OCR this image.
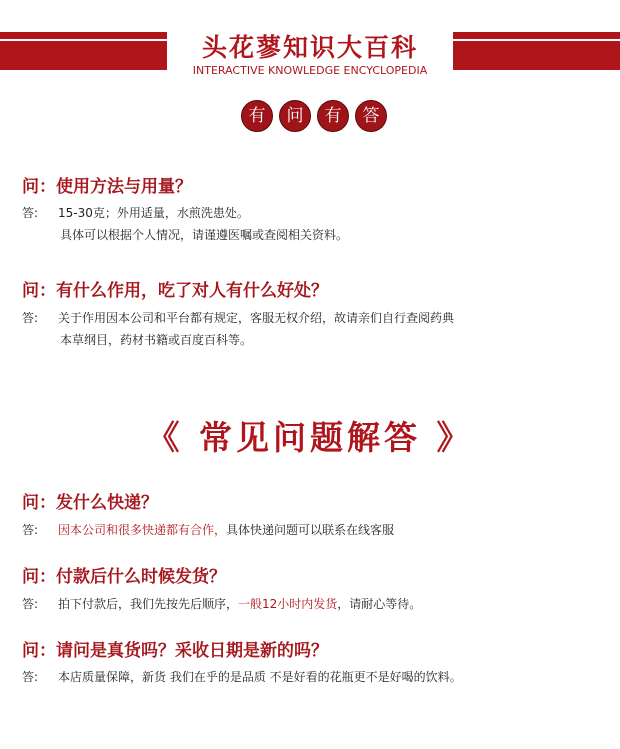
头花蓼知识大百科
INTERACTIVE KNOWLEDGE ENCYCLOPEDIA
有	问	有	答
问：使用方法与用量？
答: 15-30克；外用适量，水煎洗患处。
具体可以根据个人情况，请谨遵医嘱或查阅相关资料。
问：有什么作用，吃了对人有什么好处？
答: 关于作用因本公司和平台都有规定，客服无权介绍，故请亲们自行查阅药典
本草纲目，药材书籍或百度百科等。
《 常见问题解答 》
问：发什么快递？
答: 因本公司和很多快递都有合作，具体快递问题可以联系在线客服
问：付款后什么时候发货？
答: 拍下付款后，我们先按先后顺序，一般12小时内发货，请耐心等待。
问：请问是真货吗？采收日期是新的吗？
答: 本店质量保障，新货 我们在乎的是品质 不是好看的花瓶更不是好喝的饮料。
